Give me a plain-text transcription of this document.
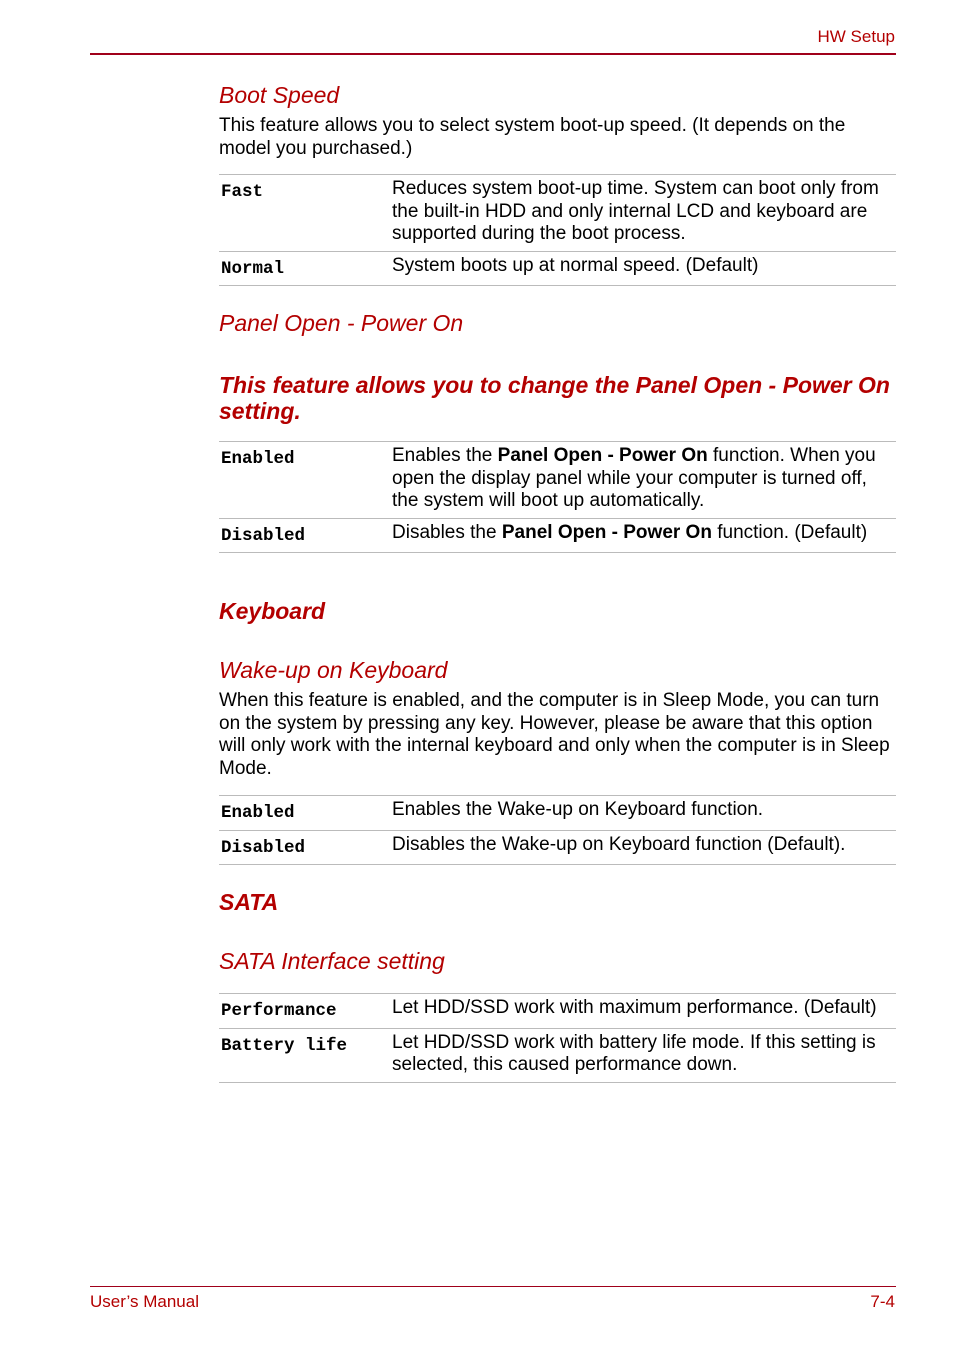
HW Setup

Boot Speed

This feature allows you to select system boot-up speed. (It depends on the model you purchased.)

Fast	Reduces system boot-up time. System can boot only from the built-in HDD and only internal LCD and keyboard are supported during the boot process.
Normal	System boots up at normal speed. (Default)

Panel Open - Power On

This feature allows you to change the Panel Open - Power On setting.

Enabled	Enables the Panel Open - Power On function. When you open the display panel while your computer is turned off, the system will boot up automatically.
Disabled	Disables the Panel Open - Power On function. (Default)

Keyboard

Wake-up on Keyboard

When this feature is enabled, and the computer is in Sleep Mode, you can turn on the system by pressing any key. However, please be aware that this option will only work with the internal keyboard and only when the computer is in Sleep Mode.

Enabled	Enables the Wake-up on Keyboard function.
Disabled	Disables the Wake-up on Keyboard function (Default).

SATA

SATA Interface setting

Performance	Let HDD/SSD work with maximum performance. (Default)
Battery life	Let HDD/SSD work with battery life mode. If this setting is selected, this caused performance down.
User’s Manual	7-4
